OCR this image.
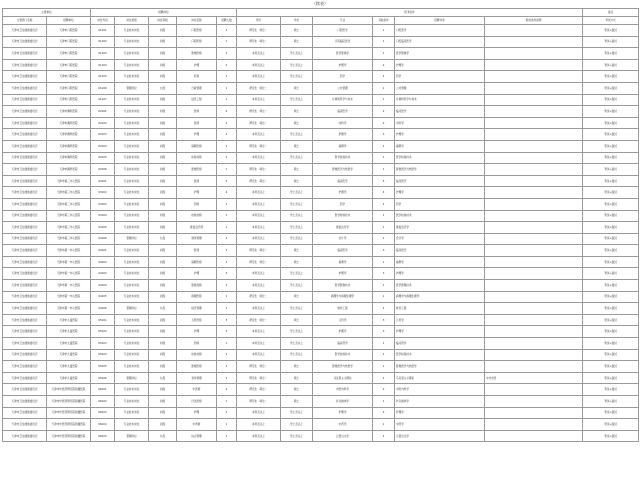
（续表）
主管单位		招聘岗位					报考条件						备注
主管部门名称	招聘单位	岗位代码	岗位类别	岗位等级	岗位名称	招聘人数	学历	学位	专业	其他条件	招聘对象	附加条件说明	考试方式
天津市卫生健康委员会	天津市口腔医院	01101	专业技术岗位	初级	口腔医师	1	研究生（硕士）	硕士	口腔医学	1	口腔医学		笔试+面试
天津市卫生健康委员会	天津市口腔医院	01102	专业技术岗位	初级	口腔医师	1	研究生（硕士）	硕士	口腔临床医学	1	口腔临床医学		笔试+面试
天津市卫生健康委员会	天津市口腔医院	01103	专业技术岗位	初级	影像医师	1	本科及以上	学士及以上	医学影像学	1	医学影像学		笔试+面试
天津市卫生健康委员会	天津市口腔医院	01104	专业技术岗位	初级	护理	2	本科及以上	学士及以上	护理学	2	护理学		笔试+面试
天津市卫生健康委员会	天津市口腔医院	01105	专业技术岗位	初级	药剂	1	本科及以上	学士及以上	药学	1	药学		笔试+面试
天津市卫生健康委员会	天津市口腔医院	01106	管理岗位	九级	行政管理	1	研究生（硕士）	硕士	公共管理	1	公共管理		笔试+面试
天津市卫生健康委员会	天津市口腔医院	01107	专业技术岗位	初级	信息工程	1	本科及以上	学士及以上	计算机科学与技术	1	计算机科学与技术		笔试+面试
天津市卫生健康委员会	天津市胸科医院	02101	专业技术岗位	初级	医师	2	研究生（硕士）	硕士	临床医学	2	临床医学		笔试+面试
天津市卫生健康委员会	天津市胸科医院	02102	专业技术岗位	初级	医师	2	研究生（硕士）	硕士	内科学	2	内科学		笔试+面试
天津市卫生健康委员会	天津市胸科医院	02103	专业技术岗位	初级	护理	3	本科及以上	学士及以上	护理学	3	护理学		笔试+面试
天津市卫生健康委员会	天津市胸科医院	02104	专业技术岗位	初级	麻醉医师	1	研究生（硕士）	硕士	麻醉学	1	麻醉学		笔试+面试
天津市卫生健康委员会	天津市胸科医院	02105	专业技术岗位	初级	检验技师	1	本科及以上	学士及以上	医学检验技术	1	医学检验技术		笔试+面试
天津市卫生健康委员会	天津市胸科医院	02106	专业技术岗位	初级	影像医师	1	研究生（硕士）	硕士	影像医学与核医学	1	影像医学与核医学		笔试+面试
天津市卫生健康委员会	天津市第三中心医院	03101	专业技术岗位	初级	医师	5	研究生（硕士）	硕士	临床医学	5	临床医学		笔试+面试
天津市卫生健康委员会	天津市第三中心医院	03102	专业技术岗位	初级	护理	4	本科及以上	学士及以上	护理学	4	护理学		笔试+面试
天津市卫生健康委员会	天津市第三中心医院	03103	专业技术岗位	初级	药师	1	本科及以上	学士及以上	药学	1	药学		笔试+面试
天津市卫生健康委员会	天津市第三中心医院	03104	专业技术岗位	初级	检验技师	1	本科及以上	学士及以上	医学检验技术	1	医学检验技术		笔试+面试
天津市卫生健康委员会	天津市第三中心医院	03105	专业技术岗位	初级	康复治疗师	1	本科及以上	学士及以上	康复治疗学	1	康复治疗学		笔试+面试
天津市卫生健康委员会	天津市第三中心医院	03106	管理岗位	九级	财务管理	1	本科及以上	学士及以上	会计学	1	会计学		笔试+面试
天津市卫生健康委员会	天津市第一中心医院	04101	专业技术岗位	初级	医师	3	研究生（硕士）	硕士	临床医学	3	临床医学		笔试+面试
天津市卫生健康委员会	天津市第一中心医院	04102	专业技术岗位	初级	麻醉医师	1	研究生（硕士）	硕士	麻醉学	1	麻醉学		笔试+面试
天津市卫生健康委员会	天津市第一中心医院	04103	专业技术岗位	初级	护理	3	本科及以上	学士及以上	护理学	3	护理学		笔试+面试
天津市卫生健康委员会	天津市第一中心医院	04104	专业技术岗位	初级	影像技师	1	本科及以上	学士及以上	医学影像技术	1	医学影像技术		笔试+面试
天津市卫生健康委员会	天津市第一中心医院	04105	专业技术岗位	初级	病理医师	1	研究生（硕士）	硕士	病理学与病理生理学	1	病理学与病理生理学		笔试+面试
天津市卫生健康委员会	天津市第一中心医院	04106	管理岗位	九级	信息管理	1	本科及以上	学士及以上	软件工程	1	软件工程		笔试+面试
天津市卫生健康委员会	天津市儿童医院	05101	专业技术岗位	初级	儿科医师	3	研究生（硕士）	硕士	儿科学	3	儿科学		笔试+面试
天津市卫生健康委员会	天津市儿童医院	05102	专业技术岗位	初级	护理	3	本科及以上	学士及以上	护理学	3	护理学		笔试+面试
天津市卫生健康委员会	天津市儿童医院	05103	专业技术岗位	初级	药师	1	本科及以上	学士及以上	临床药学	1	临床药学		笔试+面试
天津市卫生健康委员会	天津市儿童医院	05104	专业技术岗位	初级	检验技师	1	本科及以上	学士及以上	医学检验技术	1	医学检验技术		笔试+面试
天津市卫生健康委员会	天津市儿童医院	05105	专业技术岗位	初级	影像医师	1	研究生（硕士）	硕士	影像医学与核医学	1	影像医学与核医学		笔试+面试
天津市卫生健康委员会	天津市儿童医院	05106	管理岗位	九级	党务管理	1	研究生（硕士）	硕士	马克思主义理论	1	马克思主义理论	中共党员	笔试+面试
天津市卫生健康委员会	天津市中医药研究院附属医院	06101	专业技术岗位	初级	中医师	2	研究生（硕士）	硕士	中医内科学	2	中医内科学		笔试+面试
天津市卫生健康委员会	天津市中医药研究院附属医院	06102	专业技术岗位	初级	针灸医师	1	研究生（硕士）	硕士	针灸推拿学	1	针灸推拿学		笔试+面试
天津市卫生健康委员会	天津市中医药研究院附属医院	06103	专业技术岗位	初级	护理	2	本科及以上	学士及以上	护理学	2	护理学		笔试+面试
天津市卫生健康委员会	天津市中医药研究院附属医院	06104	专业技术岗位	初级	中药师	1	本科及以上	学士及以上	中药学	1	中药学		笔试+面试
天津市卫生健康委员会	天津市中医药研究院附属医院	06105	管理岗位	九级	综合管理	1	本科及以上	学士及以上	汉语言文学	1	汉语言文学		笔试+面试
